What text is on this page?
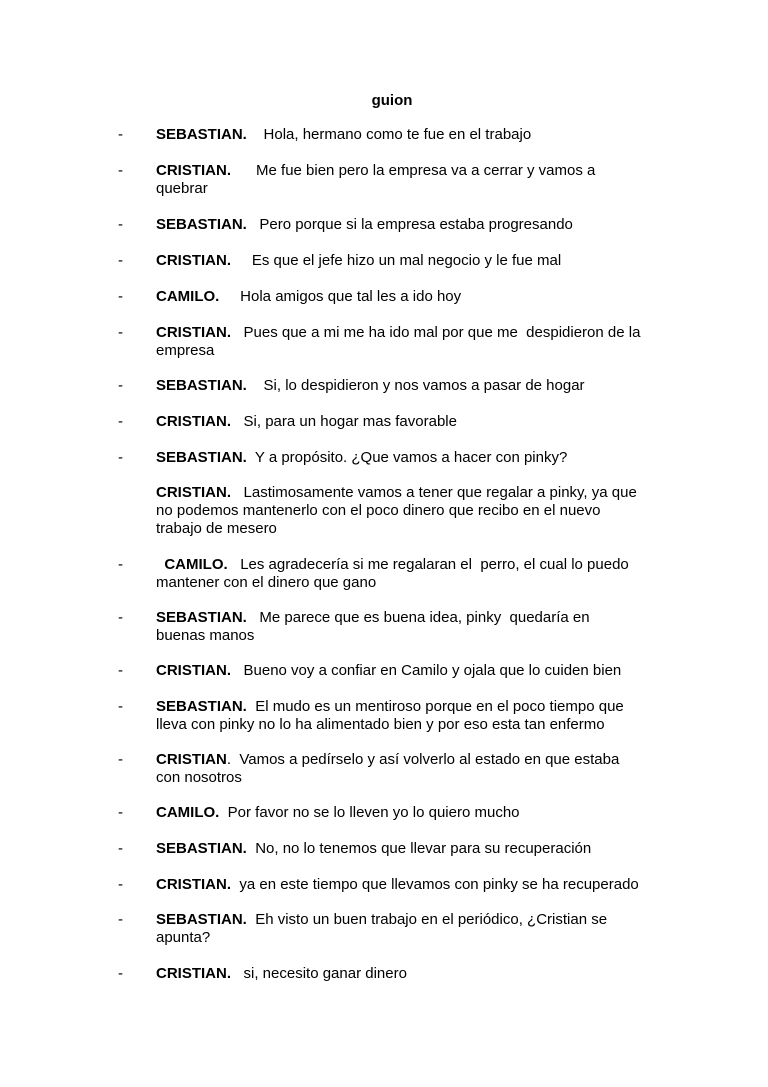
guion
- SEBASTIAN. Hola, hermano como te fue en el trabajo
- CRISTIAN. Me fue bien pero la empresa va a cerrar y vamos a
quebrar
- SEBASTIAN. Pero porque si la empresa estaba progresando
- CRISTIAN. Es que el jefe hizo un mal negocio y le fue mal
- CAMILO. Hola amigos que tal les a ido hoy
- CRISTIAN. Pues que a mi me ha ido mal por que me  despidieron de la
empresa
- SEBASTIAN. Si, lo despidieron y nos vamos a pasar de hogar
- CRISTIAN. Si, para un hogar mas favorable
- SEBASTIAN. Y a propósito. ¿Que vamos a hacer con pinky?
CRISTIAN. Lastimosamente vamos a tener que regalar a pinky, ya que
no podemos mantenerlo con el poco dinero que recibo en el nuevo
trabajo de mesero
- CAMILO. Les agradecería si me regalaran el  perro, el cual lo puedo
mantener con el dinero que gano
- SEBASTIAN. Me parece que es buena idea, pinky  quedaría en
buenas manos
- CRISTIAN. Bueno voy a confiar en Camilo y ojala que lo cuiden bien
- SEBASTIAN. El mudo es un mentiroso porque en el poco tiempo que
lleva con pinky no lo ha alimentado bien y por eso esta tan enfermo
- CRISTIAN.  Vamos a pedírselo y así volverlo al estado en que estaba
con nosotros
- CAMILO. Por favor no se lo lleven yo lo quiero mucho
- SEBASTIAN. No, no lo tenemos que llevar para su recuperación
- CRISTIAN. ya en este tiempo que llevamos con pinky se ha recuperado
- SEBASTIAN. Eh visto un buen trabajo en el periódico, ¿Cristian se
apunta?
- CRISTIAN. si, necesito ganar dinero
